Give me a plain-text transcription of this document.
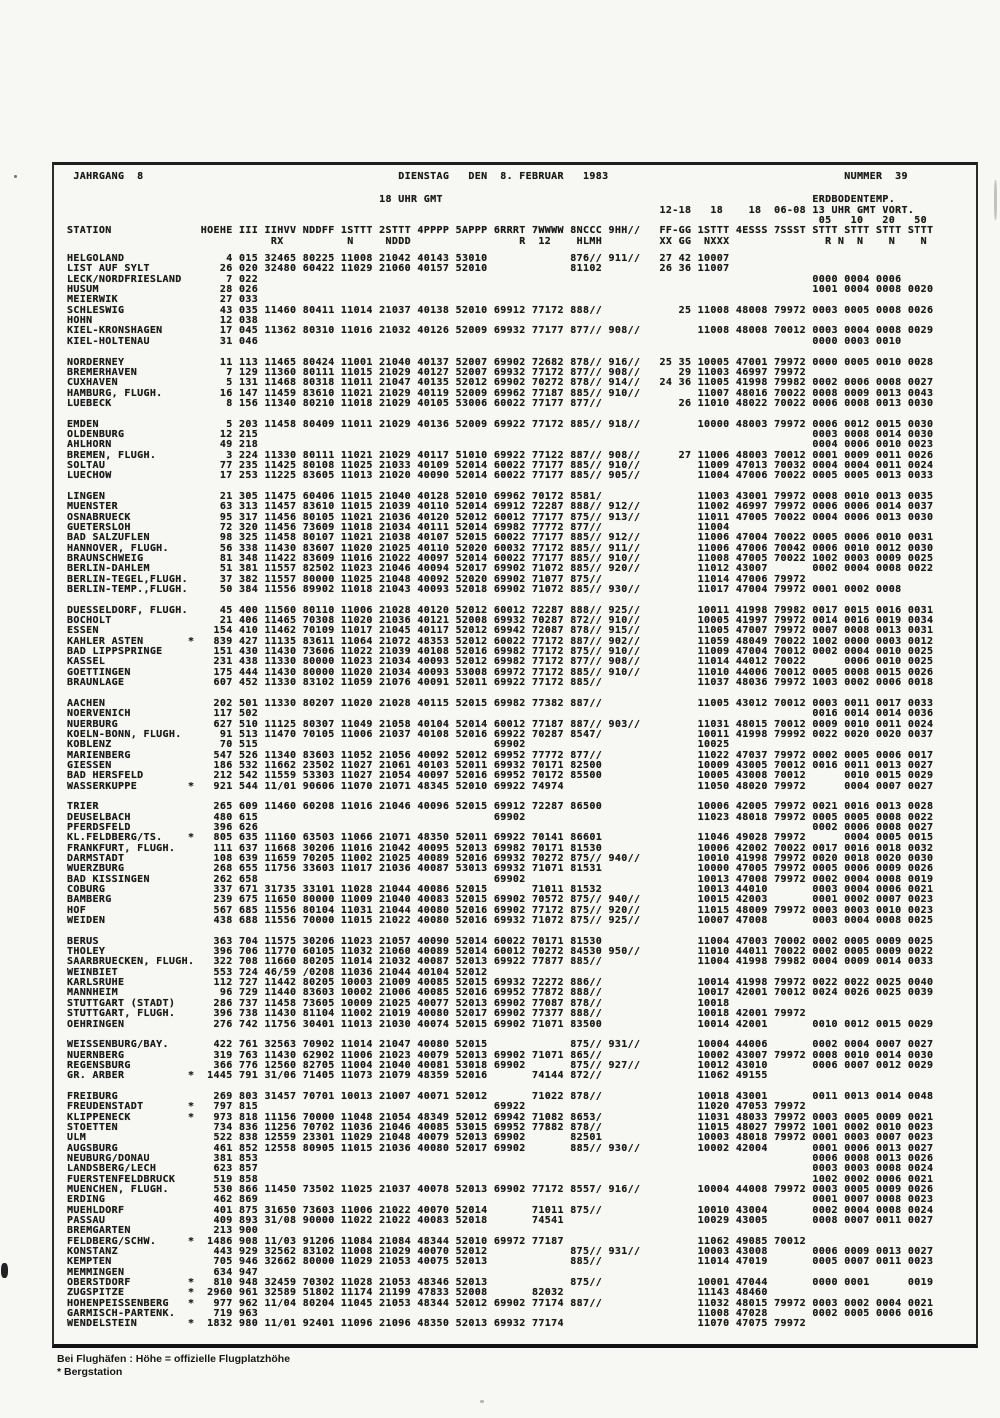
JAHRGANG  8                                        DIENSTAG   DEN  8. FEBRUAR   1983                                     NUMMER  39
18 UHR GMT                                                          ERDBODENTEMP.
12-18   18    18  06-08 13 UHR GMT VORT.
05   10   20   50
STATION              HOEHE III IIHVV NDDFF 1STTT 2STTT 4PPPP 5APPP 6RRRT 7WWWW 8NCCC 9HH//   FF-GG 1STTT 4ESSS 7SSST STTT STTT STTT STTT
RX          N     NDDD                 R  12    HLMH         XX GG  NXXX               R N  N    N    N
HELGOLAND                4 015 32465 80225 11008 21042 40143 53010             876// 911//   27 42 10007
LIST AUF SYLT           26 020 32480 60422 11029 21060 40157 52010             81102         26 36 11007
LECK/NORDFRIESLAND       7 022                                                                                       0000 0004 0006
HUSUM                   28 026                                                                                       1001 0004 0008 0020
MEIERWIK                27 033
SCHLESWIG               43 035 11460 80411 11014 21037 40138 52010 69912 77172 888//            25 11008 48008 79972 0003 0005 0008 0026
HOHN                    12 038
KIEL-KRONSHAGEN         17 045 11362 80310 11016 21032 40126 52009 69932 77177 877// 908//         11008 48008 70012 0003 0004 0008 0029
KIEL-HOLTENAU           31 046                                                                                       0000 0003 0010

NORDERNEY               11 113 11465 80424 11001 21040 40137 52007 69902 72682 878// 916//   25 35 10005 47001 79972 0000 0005 0010 0028
BREMERHAVEN              7 129 11360 80111 11015 21029 40127 52007 69932 77172 877// 908//      29 11003 46997 79972
CUXHAVEN                 5 131 11468 80318 11011 21047 40135 52012 69902 70272 878// 914//   24 36 11005 41998 79982 0002 0006 0008 0027
HAMBURG, FLUGH.         16 147 11459 83610 11021 21029 40119 52009 69962 77187 885// 910//         11007 48016 70022 0008 0009 0013 0043
LUEBECK                  8 156 11340 80210 11018 21029 40105 53006 60022 77177 877//            26 11010 48022 70022 0006 0008 0013 0030

EMDEN                    5 203 11458 80409 11011 21029 40136 52009 69922 77172 885// 918//         10000 48003 79972 0006 0012 0015 0030
OLDENBURG               12 215                                                                                       0003 0008 0014 0030
AHLHORN                 49 218                                                                                       0004 0006 0010 0023
BREMEN, FLUGH.           3 224 11330 80111 11021 21029 40117 51010 69922 77122 887// 908//      27 11006 48003 70012 0001 0009 0011 0026
SOLTAU                  77 235 11425 80108 11025 21033 40109 52014 60022 77177 885// 910//         11009 47013 70032 0004 0004 0011 0024
LUECHOW                 17 253 11225 83605 11013 21020 40090 52014 60022 77177 885// 905//         11004 47006 70022 0005 0005 0013 0033

LINGEN                  21 305 11475 60406 11015 21040 40128 52010 69962 70172 8581/               11003 43001 79972 0008 0010 0013 0035
MUENSTER                63 313 11457 83610 11015 21039 40110 52014 69912 72287 888// 912//         11002 46997 79972 0006 0006 0014 0037
OSNABRUECK              95 317 11456 80105 11021 21036 40120 52012 60012 77177 875// 913//         11011 47005 70022 0004 0006 0013 0030
GUETERSLOH              72 320 11456 73609 11018 21034 40111 52014 69982 77772 877//               11004
BAD SALZUFLEN           98 325 11458 80107 11021 21038 40107 52015 60022 77177 885// 912//         11006 47004 70022 0005 0006 0010 0031
HANNOVER, FLUGH.        56 338 11430 83607 11020 21025 40110 52020 60032 77172 885// 911//         11006 47006 70042 0006 0010 0012 0030
BRAUNSCHWEIG            81 348 11422 83609 11016 21022 40097 52014 60022 77177 885// 910//         11008 47005 70022 1002 0003 0009 0025
BERLIN-DAHLEM           51 381 11557 82502 11023 21046 40094 52017 69902 71072 885// 920//         11012 43007       0002 0004 0008 0022
BERLIN-TEGEL,FLUGH.     37 382 11557 80000 11025 21048 40092 52020 69902 71077 875//               11014 47006 79972
BERLIN-TEMP.,FLUGH.     50 384 11556 89902 11018 21043 40093 52018 69902 71072 885// 930//         11017 47004 79972 0001 0002 0008

DUESSELDORF, FLUGH.     45 400 11560 80110 11006 21028 40120 52012 60012 72287 888// 925//         10011 41998 79982 0017 0015 0016 0031
BOCHOLT                 21 406 11465 70308 11020 21036 40121 52008 69932 70287 872// 910//         10005 41997 79972 0014 0016 0019 0034
ESSEN                  154 410 11462 70109 11017 21045 40117 52012 69942 72087 878// 915//         11005 47007 79972 0007 0008 0013 0031
KAHLER ASTEN       *   839 427 11135 83611 11064 21072 48353 52012 60022 77172 887// 902//         11059 48049 70022 1002 0000 0003 0012
BAD LIPPSPRINGE        151 430 11430 73606 11022 21039 40108 52016 69982 77172 875// 910//         11009 47004 70012 0002 0004 0010 0025
KASSEL                 231 438 11330 80000 11023 21034 40093 52012 69982 77172 877// 908//         11014 44012 70022      0006 0010 0025
GOETTINGEN             175 444 11430 80000 11020 21034 40093 53008 69972 77172 885// 910//         11010 44006 70012 0005 0008 0015 0026
BRAUNLAGE              607 452 11330 83102 11059 21076 40091 52011 69922 77172 885//               11037 48036 79972 1003 0002 0006 0018

AACHEN                 202 501 11330 80207 11020 21028 40115 52015 69982 77382 887//               11005 43012 70012 0003 0011 0017 0033
NOERVENICH             117 502                                                                                       0016 0014 0014 0036
NUERBURG               627 510 11125 80307 11049 21058 40104 52014 60012 77187 887// 903//         11031 48015 70012 0009 0010 0011 0024
KOELN-BONN, FLUGH.      91 513 11470 70105 11006 21037 40108 52016 69922 70287 8547/               10011 41998 79992 0022 0020 0020 0037
KOBLENZ                 70 515                                     69902                           10025
MARIENBERG             547 526 11340 83603 11052 21056 40092 52012 69952 77772 877//               11022 47037 79972 0002 0005 0006 0017
GIESSEN                186 532 11662 23502 11027 21061 40103 52011 69932 70171 82500               10009 43005 70012 0016 0011 0013 0027
BAD HERSFELD           212 542 11559 53303 11027 21054 40097 52016 69952 70172 85500               10005 43008 70012      0010 0015 0029
WASSERKUPPE        *   921 544 11/01 90606 11070 21071 48345 52010 69922 74974                     11050 48020 79972      0004 0007 0027

TRIER                  265 609 11460 60208 11016 21046 40096 52015 69912 72287 86500               10006 42005 79972 0021 0016 0013 0028
DEUSELBACH             480 615                                     69902                           11023 48018 79972 0005 0005 0008 0022
PFERDSFELD             396 626                                                                                       0002 0006 0008 0027
KL.FELDBERG/TS.    *   805 635 11160 63503 11066 21071 48350 52011 69922 70141 86601               11046 49028 79972      0004 0005 0015
FRANKFURT, FLUGH.      111 637 11668 30206 11016 21042 40095 52013 69982 70171 81530               10006 42002 70022 0017 0016 0018 0032
DARMSTADT              108 639 11659 70205 11002 21025 40089 52016 69932 70272 875// 940//         10010 41998 79972 0020 0018 0020 0030
WUERZBURG              268 655 11756 33603 11017 21036 40087 53013 69932 71071 81531               10000 47005 79972 0005 0006 0009 0026
BAD KISSINGEN          262 658                                     69902                           10013 47008 79972 0002 0004 0008 0019
COBURG                 337 671 31735 33101 11028 21044 40086 52015       71011 81532               10013 44010       0003 0004 0006 0021
BAMBERG                239 675 11650 80000 11009 21040 40083 52015 69902 70572 875// 940//         10015 42003       0001 0002 0007 0023
HOF                    567 685 11556 80104 11031 21044 40080 52016 69902 77172 875// 920//         11015 48009 79972 0003 0003 0010 0023
WEIDEN                 438 688 11556 70000 11015 21022 40080 52016 69932 71072 875// 925//         10007 47008       0003 0004 0008 0025

BERUS                  363 704 11575 30206 11023 21057 40090 52014 60022 70171 81530               11004 47003 70002 0002 0005 0009 0025
THOLEY                 396 706 11770 60105 11032 21060 40089 52014 60012 70272 84530 950//         11010 44011 70022 0002 0005 0009 0022
SAARBRUECKEN, FLUGH.   322 708 11660 80205 11014 21032 40087 52013 69922 77877 885//               11004 41998 79982 0004 0009 0014 0033
WEINBIET               553 724 46/59 /0208 11036 21044 40104 52012
KARLSRUHE              112 727 11442 80205 10003 21009 40085 52015 69932 72272 886//               10014 41998 79972 0022 0022 0025 0040
MANNHEIM                96 729 11440 83603 10002 21006 40085 52016 69952 77872 888//               10017 42001 70012 0024 0026 0025 0039
STUTTGART (STADT)      286 737 11458 73605 10009 21025 40077 52013 69902 77087 878//               10018
STUTTGART, FLUGH.      396 738 11430 81104 11002 21019 40080 52017 69902 77377 888//               10018 42001 79972
OEHRINGEN              276 742 11756 30401 11013 21030 40074 52015 69902 71071 83500               10014 42001       0010 0012 0015 0029

WEISSENBURG/BAY.       422 761 32563 70902 11014 21047 40080 52015             875// 931//         10004 44006       0002 0004 0007 0027
NUERNBERG              319 763 11430 62902 11006 21023 40079 52013 69902 71071 865//               10002 43007 79972 0008 0010 0014 0030
REGENSBURG             366 776 12560 82705 11004 21040 40081 53018 69902       875// 927//         10012 43010       0006 0007 0012 0029
GR. ARBER          *  1445 791 31/06 71405 11073 21079 48359 52016       74144 872//               11062 49155

FREIBURG               269 803 31457 70701 10013 21007 40071 52012       71022 878//               10018 43001       0011 0013 0014 0048
FREUDENSTADT       *   797 815                                     69922                           11020 47053 79972
KLIPPENECK         *   973 818 11156 70000 11048 21054 48349 52012 69942 71082 8653/               11031 48033 79972 0003 0005 0009 0021
STOETTEN               734 836 11256 70702 11036 21046 40085 53015 69952 77882 878//               11015 48027 79972 1001 0002 0010 0023
ULM                    522 838 12559 23301 11029 21048 40079 52013 69902       82501               10003 48018 79972 0001 0003 0007 0023
AUGSBURG               461 852 12558 80905 11015 21036 40080 52017 69902       885// 930//         10002 42004       0001 0006 0013 0027
NEUBURG/DONAU          381 853                                                                                       0006 0008 0013 0026
LANDSBERG/LECH         623 857                                                                                       0003 0003 0008 0024
FUERSTENFELDBRUCK      519 858                                                                                       1002 0002 0006 0021
MUENCHEN, FLUGH.       530 866 11450 73502 11025 21037 40078 52013 69902 77172 8557/ 916//         10004 44008 79972 0003 0005 0009 0026
ERDING                 462 869                                                                                       0001 0007 0008 0023
MUEHLDORF              401 875 31650 73603 11006 21022 40070 52014       71011 875//               10010 43004       0002 0004 0008 0024
PASSAU                 409 893 31/08 90000 11022 21022 40083 52018       74541                     10029 43005       0008 0007 0011 0027
BREMGARTEN             213 900
FELDBERG/SCHW.     *  1486 908 11/03 91206 11084 21084 48344 52010 69972 77187                     11062 49085 70012
KONSTANZ               443 929 32562 83102 11008 21029 40070 52012             875// 931//         10003 43008       0006 0009 0013 0027
KEMPTEN                705 946 32662 80000 11029 21053 40075 52013             885//               11014 47019       0005 0007 0011 0023
MEMMINGEN              634 947
OBERSTDORF         *   810 948 32459 70302 11028 21053 48346 52013             875//               10001 47044       0000 0001      0019
ZUGSPITZE          *  2960 961 32589 51802 11174 21199 47833 52008       82032                     11143 48460
HOHENPEISSENBERG   *   977 962 11/04 80204 11045 21053 48344 52012 69902 77174 887//               11032 48015 79972 0003 0002 0004 0021
GARMISCH-PARTENK.      719 963                                                                     11008 47028       0002 0005 0006 0016
WENDELSTEIN        *  1832 980 11/01 92401 11096 21096 48350 52013 69932 77174                     11070 47075 79972
Bei Flughäfen : Höhe = offizielle Flugplatzhöhe
* Bergstation
